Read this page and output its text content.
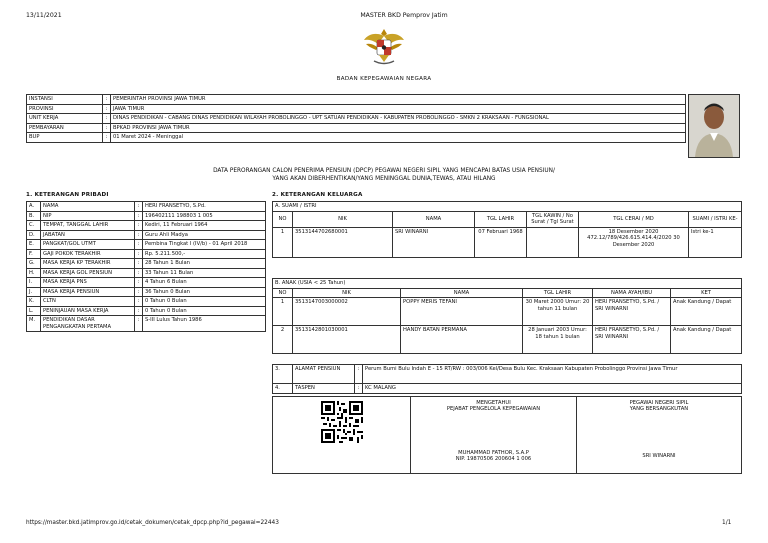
13/11/2021	MASTER BKD Pemprov Jatim
BADAN KEPEGAWAIAN NEGARA
INSTANSI	:	PEMERINTAH PROVINSI JAWA TIMUR
PROVINSI	:	JAWA TIMUR
UNIT KERJA	:	DINAS PENDIDIKAN - CABANG DINAS PENDIDIKAN WILAYAH PROBOLINGGO - UPT SATUAN PENDIDIKAN - KABUPATEN PROBOLINGGO - SMKN 2 KRAKSAAN - FUNGSIONAL
PEMBAYARAN	:	BPKAD PROVINSI JAWA TIMUR
BUP	:	01 Maret 2024 - Meninggal
DATA PERORANGAN CALON PENERIMA PENSIUN (DPCP) PEGAWAI NEGERI SIPIL YANG MENCAPAI BATAS USIA PENSIUN/
YANG AKAN DIBERHENTIKAN/YANG MENINGGAL DUNIA,TEWAS, ATAU HILANG
1. KETERANGAN PRIBADI
A.	NAMA	:	HERI FRANSETYO, S.Pd.
B.	NIP	:	196402111 198803 1 005
C.	TEMPAT, TANGGAL LAHIR	:	Kediri, 11 Februari 1964
D.	JABATAN	:	Guru Ahli Madya
E.	PANGKAT/GOL UTMT	:	Pembina Tingkat I (IV/b) - 01 April 2018
F.	GAJI POKOK TERAKHIR	:	Rp. 5.211.500,-
G.	MASA KERJA KP TERAKHIR	:	28 Tahun 1 Bulan
H.	MASA KERJA GOL PENSIUN	:	33 Tahun 11 Bulan
I.	MASA KERJA PNS	:	4 Tahun 6 Bulan
J.	MASA KERJA PENSIUN	:	36 Tahun 0 Bulan
K.	CLTN	:	0 Tahun 0 Bulan
L.	PENINJAUAN MASA KERJA	:	0 Tahun 0 Bulan
M.	PENDIDIKAN DASAR PENGANGKATAN PERTAMA	:	S-III Lulus Tahun 1986
2. KETERANGAN KELUARGA
A. SUAMI / ISTRI						
NO	NIK	NAMA	TGL LAHIR	TGL KAWIN / No Surat / Tgl Surat	TGL CERAI / MD	SUAMI / ISTRI KE-
1	3513144702680001	SRI WINARNI	07 Februari 1968		18 Desember 2020 472.12/789/426.615.414.4/2020 30 Desember 2020	Istri ke-1
B. ANAK (USIA < 25 Tahun)					
NO	NIK	NAMA	TGL LAHIR	NAMA AYAH/IBU	KET
1	3513147003000002	POPPY MERIS TEFANI	30 Maret 2000 Umur: 20 tahun 11 bulan	HERI FRANSETYO, S.Pd. / SRI WINARNI	Anak Kandung / Dapat
2	3513142801030001	HANDY BATAN PERMANA	28 Januari 2003 Umur: 18 tahun 1 bulan	HERI FRANSETYO, S.Pd. / SRI WINARNI	Anak Kandung / Dapat
3.	ALAMAT PENSIUN	:	Perum Bumi Bulu Indah E - 15 RT/RW : 003/006 Kel/Desa Bulu Kec. Kraksaan Kabupaten Probolinggo Provinsi Jawa Timur
4.	TASPEN	:	KC MALANG
MENGETAHUI
PEJABAT PENGELOLA KEPEGAWAIAN
MUHAMMAD FATHOR, S.A.P
NIP. 19870506 200604 1 006
PEGAWAI NEGERI SIPIL
YANG BERSANGKUTAN
SRI WINARNI
https://master.bkd.jatimprov.go.id/cetak_dokumen/cetak_dpcp.php?id_pegawai=22443	1/1
